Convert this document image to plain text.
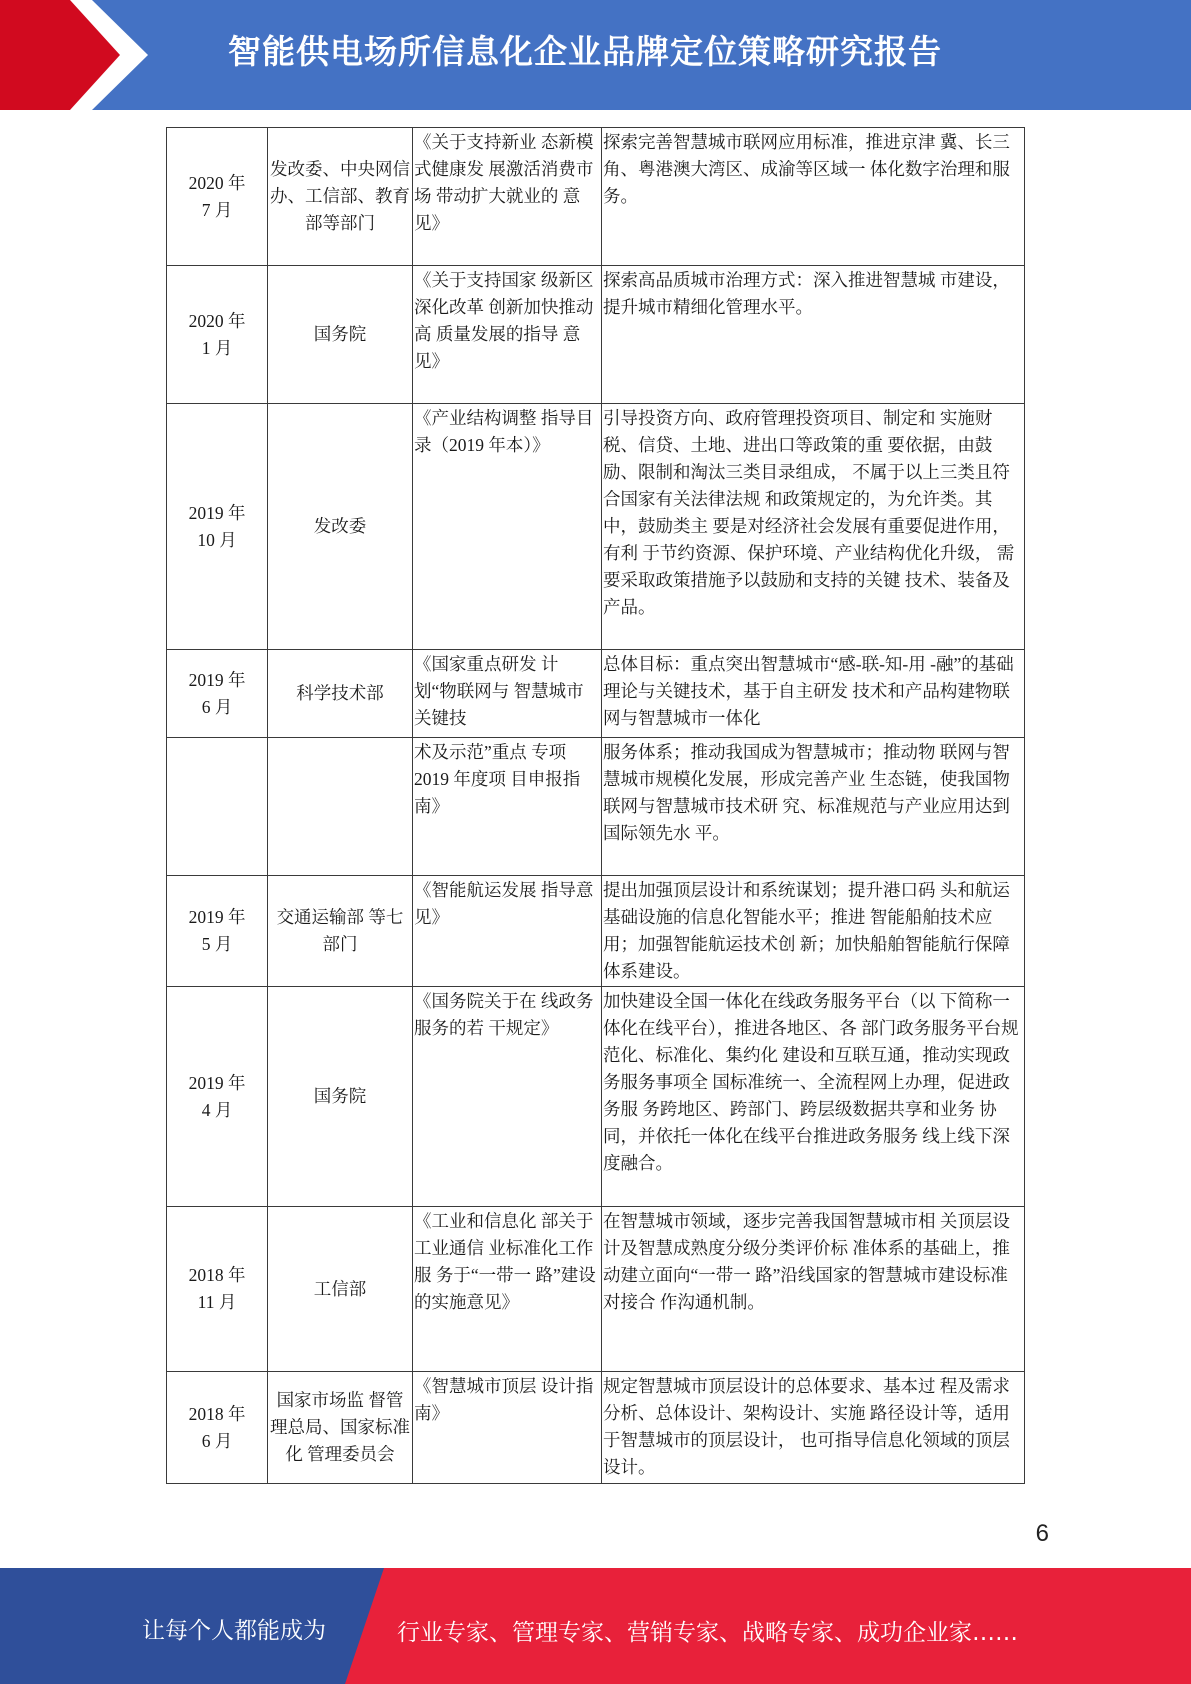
智能供电场所信息化企业品牌定位策略研究报告
2020 年
7 月	发改委、中央网信办、工信部、教育部等部门	《关于支持新业 态新模式健康发 展激活消费市场 带动扩大就业的 意见》	探索完善智慧城市联网应用标准，推进京津 冀、长三角、粤港澳大湾区、成渝等区域一 体化数字治理和服务。
2020 年
1 月	国务院	《关于支持国家 级新区深化改革 创新加快推动高 质量发展的指导 意见》	探索高品质城市治理方式：深入推进智慧城 市建设，提升城市精细化管理水平。
2019 年
10 月	发改委	《产业结构调整 指导目录（2019 年本）》	引导投资方向、政府管理投资项目、制定和 实施财税、信贷、土地、进出口等政策的重 要依据，由鼓励、限制和淘汰三类目录组成， 不属于以上三类且符合国家有关法律法规 和政策规定的，为允许类。其中，鼓励类主 要是对经济社会发展有重要促进作用，有利 于节约资源、保护环境、产业结构优化升级， 需要采取政策措施予以鼓励和支持的关键 技术、装备及产品。
2019 年
6 月	科学技术部	《国家重点研发 计划“物联网与 智慧城市关键技	总体目标：重点突出智慧城市“感-联-知-用 -融”的基础理论与关键技术，基于自主研发 技术和产品构建物联网与智慧城市一体化
		术及示范”重点 专项 2019 年度项 目申报指南》	服务体系；推动我国成为智慧城市；推动物 联网与智慧城市规模化发展，形成完善产业 生态链，使我国物联网与智慧城市技术研 究、标准规范与产业应用达到国际领先水 平。
2019 年
5 月	交通运输部 等七部门	《智能航运发展 指导意见》	提出加强顶层设计和系统谋划；提升港口码 头和航运基础设施的信息化智能水平；推进 智能船舶技术应用；加强智能航运技术创 新；加快船舶智能航行保障体系建设。
2019 年
4 月	国务院	《国务院关于在 线政务服务的若 干规定》	加快建设全国一体化在线政务服务平台（以 下简称一体化在线平台），推进各地区、各 部门政务服务平台规范化、标准化、集约化 建设和互联互通，推动实现政务服务事项全 国标准统一、全流程网上办理，促进政务服 务跨地区、跨部门、跨层级数据共享和业务 协同，并依托一体化在线平台推进政务服务 线上线下深度融合。
2018 年
11 月	工信部	《工业和信息化 部关于工业通信 业标准化工作服 务于“一带一 路”建设的实施意见》	在智慧城市领域，逐步完善我国智慧城市相 关顶层设计及智慧成熟度分级分类评价标 准体系的基础上，推动建立面向“一带一 路”沿线国家的智慧城市建设标准对接合 作沟通机制。
2018 年
6 月	国家市场监 督管理总局、国家标准化 管理委员会	《智慧城市顶层 设计指南》	规定智慧城市顶层设计的总体要求、基本过 程及需求分析、总体设计、架构设计、实施 路径设计等，适用于智慧城市的顶层设计， 也可指导信息化领域的顶层设计。
6
让每个人都能成为	行业专家、管理专家、营销专家、战略专家、成功企业家……
